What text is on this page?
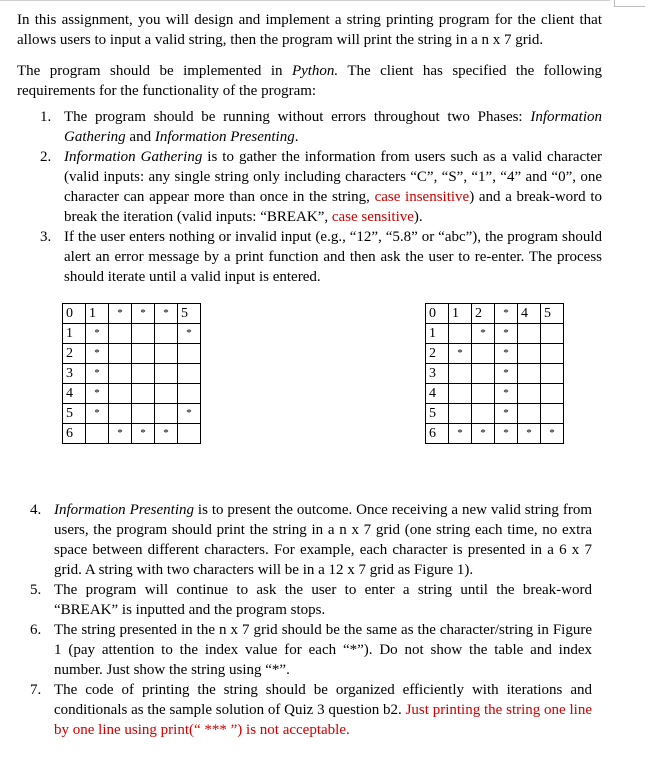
In this assignment, you will design and implement a string printing program for the client that allows users to input a valid string, then the program will print the string in a n x 7 grid.

The program should be implemented in Python. The client has specified the following requirements for the functionality of the program:

1. The program should be running without errors throughout two Phases: Information Gathering and Information Presenting.
2. Information Gathering is to gather the information from users such as a valid character (valid inputs: any single string only including characters “C”, “S”, “1”, “4” and “0”, one character can appear more than once in the string, case insensitive) and a break-word to break the iteration (valid inputs: “BREAK”, case sensitive).
3. If the user enters nothing or invalid input (e.g., “12”, “5.8” or “abc”), the program should alert an error message by a print function and then ask the user to re-enter. The process should iterate until a valid input is entered.
0	1	*	*	*	5
1	*				*
2	*				
3	*				
4	*				
5	*				*
6		*	*	*	
0	1	2	*	4	5
1		*	*		
2	*		*		
3			*		
4			*		
5			*		
6	*	*	*	*	*
4. Information Presenting is to present the outcome. Once receiving a new valid string from users, the program should print the string in a n x 7 grid (one string each time, no extra space between different characters. For example, each character is presented in a 6 x 7 grid. A string with two characters will be in a 12 x 7 grid as Figure 1).
5. The program will continue to ask the user to enter a string until the break-word “BREAK” is inputted and the program stops.
6. The string presented in the n x 7 grid should be the same as the character/string in Figure 1 (pay attention to the index value for each “*”). Do not show the table and index number. Just show the string using “*”.
7. The code of printing the string should be organized efficiently with iterations and conditionals as the sample solution of Quiz 3 question b2. Just printing the string one line by one line using print(“ *** ”) is not acceptable.
